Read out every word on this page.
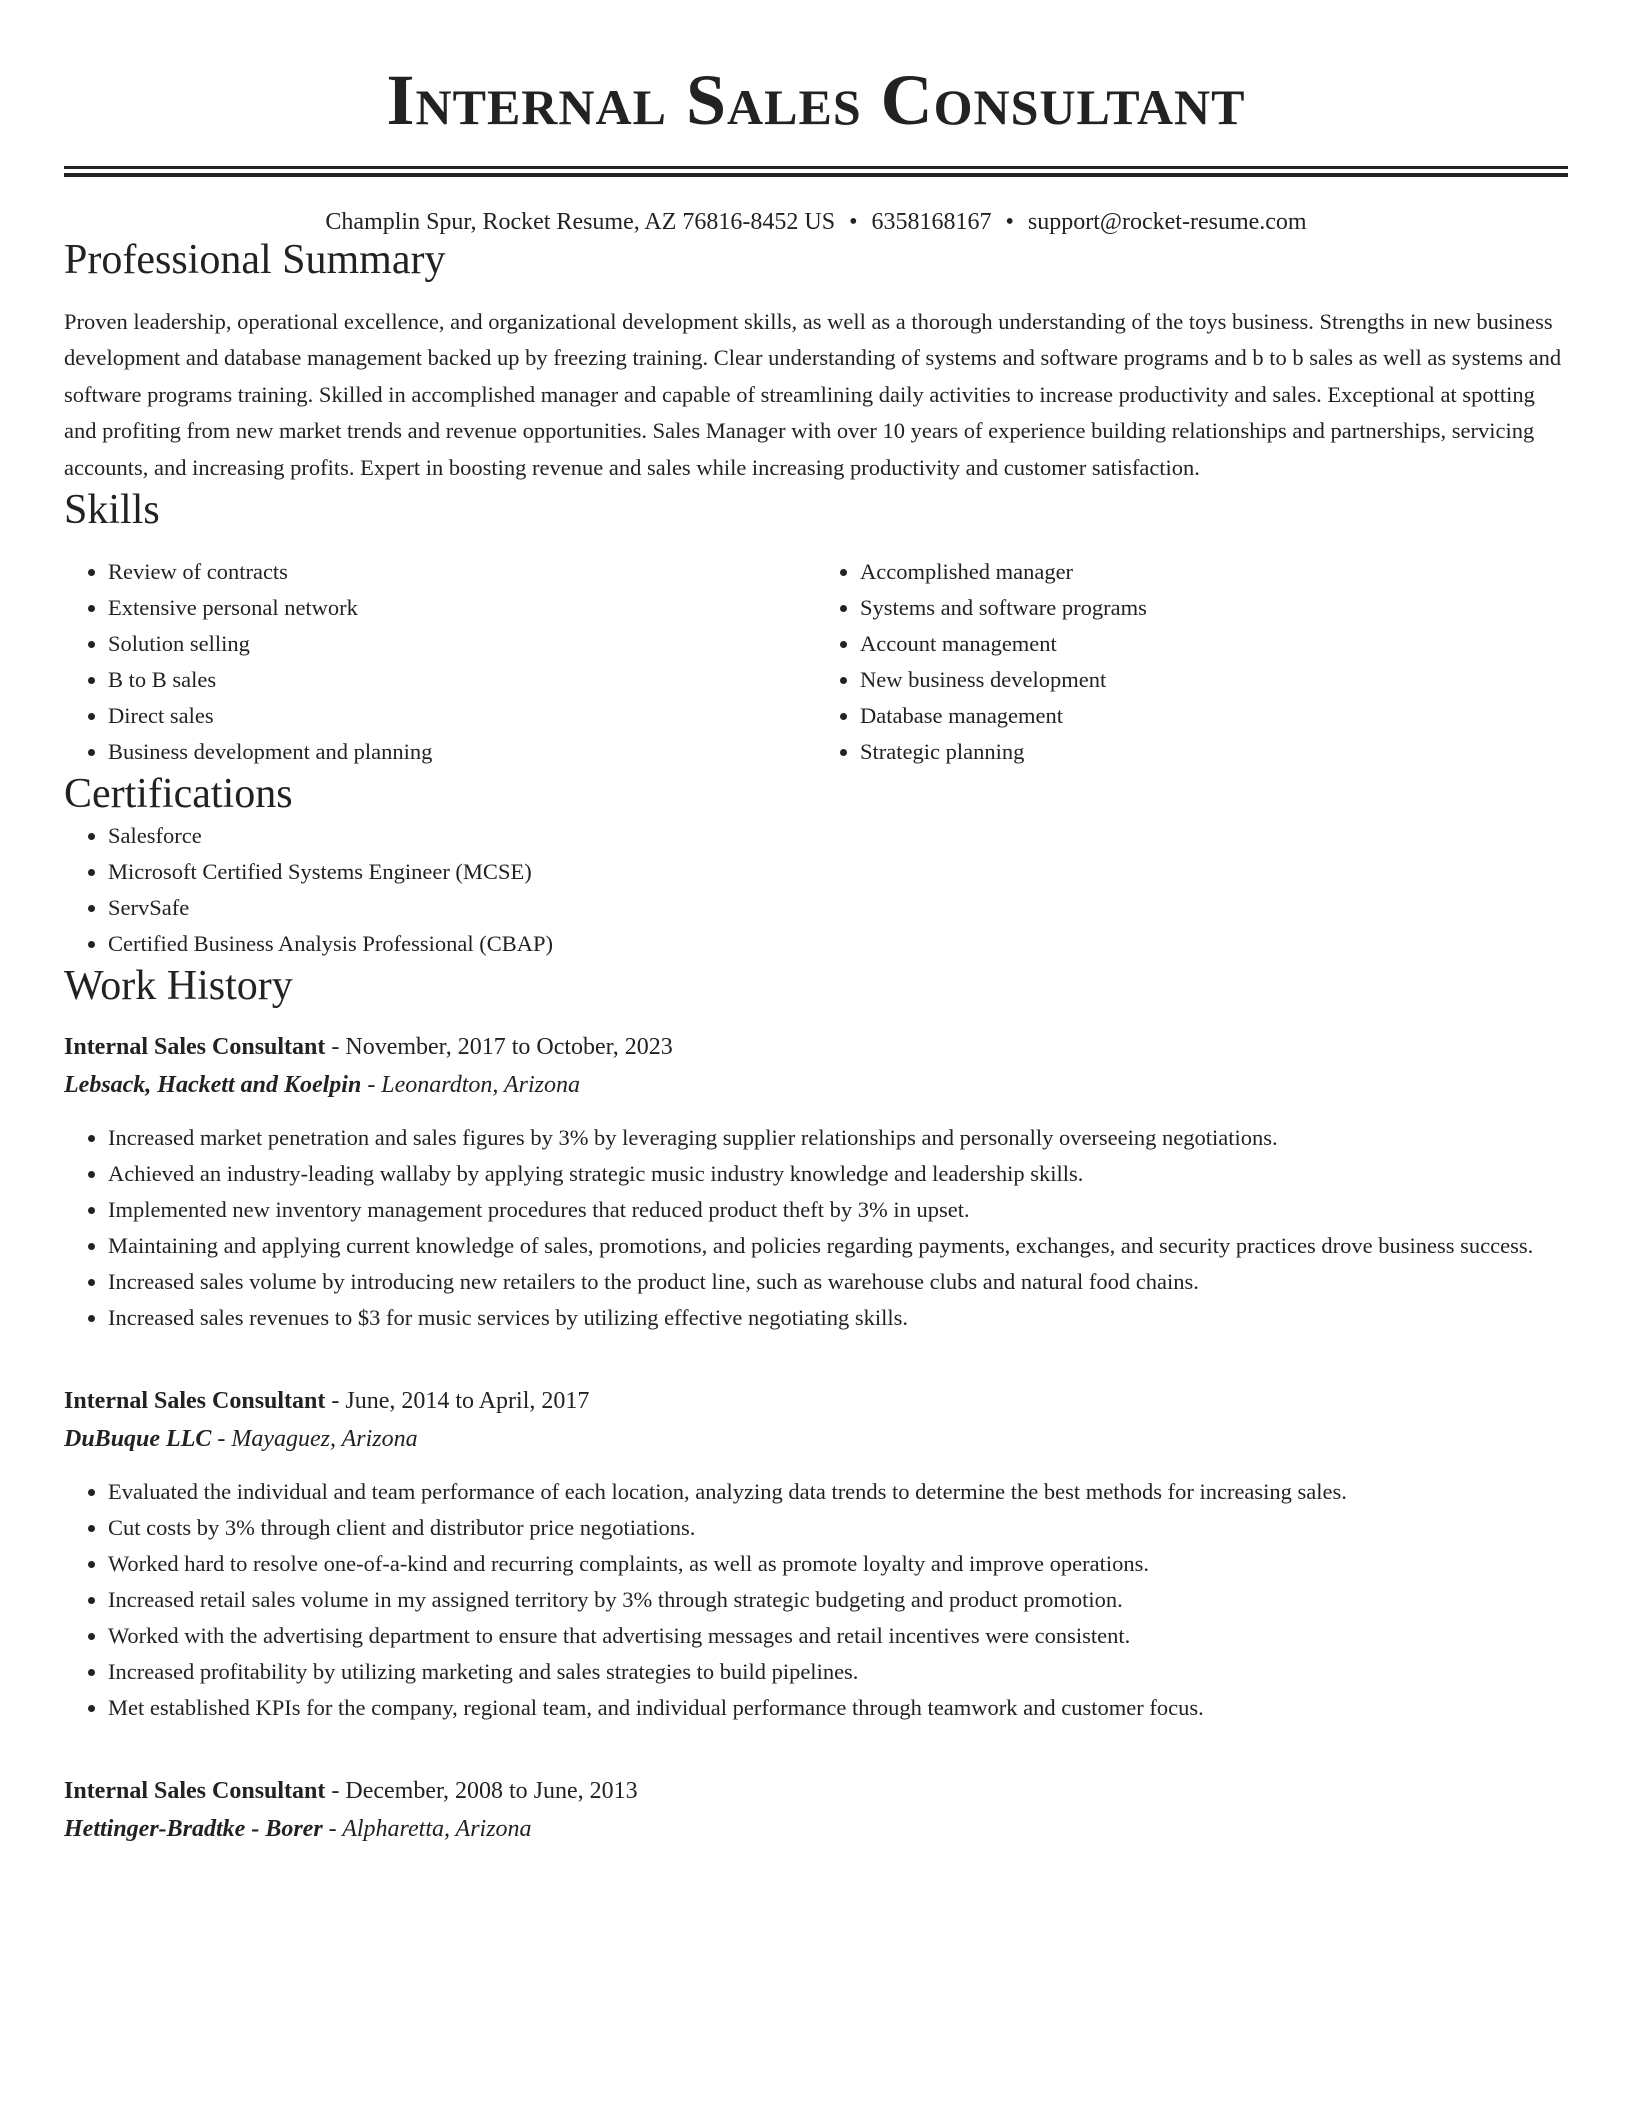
Internal Sales Consultant
Champlin Spur, Rocket Resume, AZ 76816-8452 US • 6358168167 • support@rocket-resume.com
Professional Summary

Proven leadership, operational excellence, and organizational development skills, as well as a thorough understanding of the toys business. Strengths in new business development and database management backed up by freezing training. Clear understanding of systems and software programs and b to b sales as well as systems and software programs training. Skilled in accomplished manager and capable of streamlining daily activities to increase productivity and sales. Exceptional at spotting and profiting from new market trends and revenue opportunities. Sales Manager with over 10 years of experience building relationships and partnerships, servicing accounts, and increasing profits. Expert in boosting revenue and sales while increasing productivity and customer satisfaction.

Skills
• Review of contracts
• Extensive personal network
• Solution selling
• B to B sales
• Direct sales
• Business development and planning
• Accomplished manager
• Systems and software programs
• Account management
• New business development
• Database management
• Strategic planning
Certifications
• Salesforce
• Microsoft Certified Systems Engineer (MCSE)
• ServSafe
• Certified Business Analysis Professional (CBAP)
Work History
Internal Sales Consultant - November, 2017 to October, 2023
Lebsack, Hackett and Koelpin - Leonardton, Arizona
• Increased market penetration and sales figures by 3% by leveraging supplier relationships and personally overseeing negotiations.
• Achieved an industry-leading wallaby by applying strategic music industry knowledge and leadership skills.
• Implemented new inventory management procedures that reduced product theft by 3% in upset.
• Maintaining and applying current knowledge of sales, promotions, and policies regarding payments, exchanges, and security practices drove business success.
• Increased sales volume by introducing new retailers to the product line, such as warehouse clubs and natural food chains.
• Increased sales revenues to $3 for music services by utilizing effective negotiating skills.
Internal Sales Consultant - June, 2014 to April, 2017
DuBuque LLC - Mayaguez, Arizona
• Evaluated the individual and team performance of each location, analyzing data trends to determine the best methods for increasing sales.
• Cut costs by 3% through client and distributor price negotiations.
• Worked hard to resolve one-of-a-kind and recurring complaints, as well as promote loyalty and improve operations.
• Increased retail sales volume in my assigned territory by 3% through strategic budgeting and product promotion.
• Worked with the advertising department to ensure that advertising messages and retail incentives were consistent.
• Increased profitability by utilizing marketing and sales strategies to build pipelines.
• Met established KPIs for the company, regional team, and individual performance through teamwork and customer focus.
Internal Sales Consultant - December, 2008 to June, 2013
Hettinger-Bradtke - Borer - Alpharetta, Arizona
